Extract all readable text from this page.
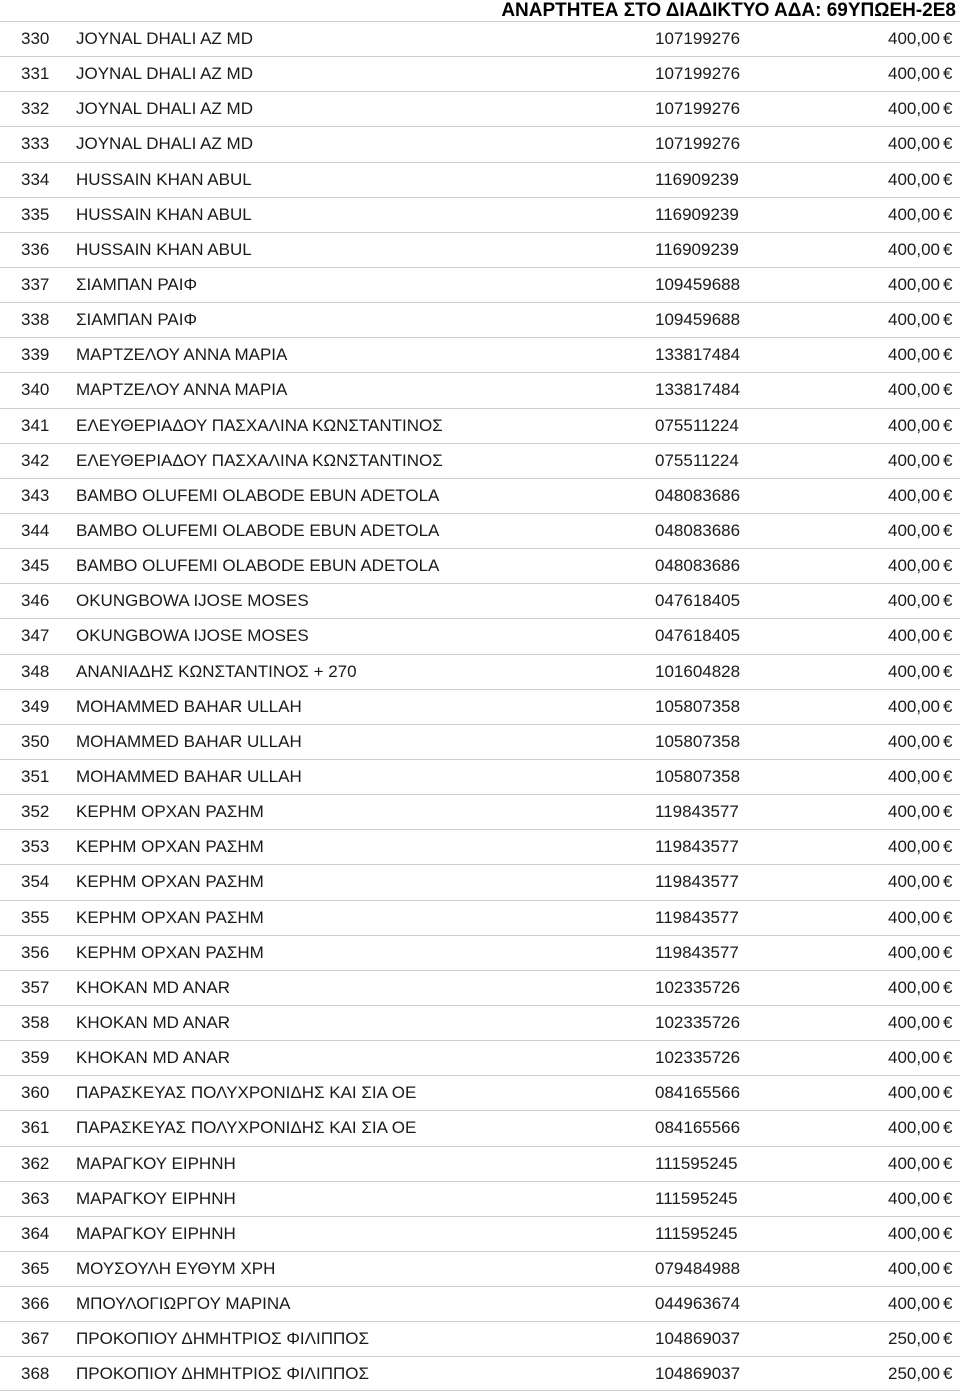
ΑΝΑΡΤΗΤΕΑ ΣΤΟ ΔΙΑΔΙΚΤΥΟ ΑΔΑ: 69ΥΠΩΕΗ-2Ε8
330	JOYNAL DHALI AZ MD	107199276	400,00 €
331	JOYNAL DHALI AZ MD	107199276	400,00 €
332	JOYNAL DHALI AZ MD	107199276	400,00 €
333	JOYNAL DHALI AZ MD	107199276	400,00 €
334	HUSSAIN KHAN ABUL	116909239	400,00 €
335	HUSSAIN KHAN ABUL	116909239	400,00 €
336	HUSSAIN KHAN ABUL	116909239	400,00 €
337	ΣΙΑΜΠΑΝ ΡΑΙΦ	109459688	400,00 €
338	ΣΙΑΜΠΑΝ ΡΑΙΦ	109459688	400,00 €
339	ΜΑΡΤΖΕΛΟΥ ΑΝΝΑ ΜΑΡΙΑ	133817484	400,00 €
340	ΜΑΡΤΖΕΛΟΥ ΑΝΝΑ ΜΑΡΙΑ	133817484	400,00 €
341	ΕΛΕΥΘΕΡΙΑΔΟΥ ΠΑΣΧΑΛΙΝΑ ΚΩΝΣΤΑΝΤΙΝΟΣ	075511224	400,00 €
342	ΕΛΕΥΘΕΡΙΑΔΟΥ ΠΑΣΧΑΛΙΝΑ ΚΩΝΣΤΑΝΤΙΝΟΣ	075511224	400,00 €
343	BAMBO OLUFEMI OLABODE EBUN ADETOLA	048083686	400,00 €
344	BAMBO OLUFEMI OLABODE EBUN ADETOLA	048083686	400,00 €
345	BAMBO OLUFEMI OLABODE EBUN ADETOLA	048083686	400,00 €
346	OKUNGBOWA IJOSE MOSES	047618405	400,00 €
347	OKUNGBOWA IJOSE MOSES	047618405	400,00 €
348	ΑΝΑΝΙΑΔΗΣ ΚΩΝΣΤΑΝΤΙΝΟΣ + 270	101604828	400,00 €
349	MOHAMMED BAHAR ULLAH	105807358	400,00 €
350	MOHAMMED BAHAR ULLAH	105807358	400,00 €
351	MOHAMMED BAHAR ULLAH	105807358	400,00 €
352	ΚΕΡΗΜ ΟΡΧΑΝ ΡΑΣΗΜ	119843577	400,00 €
353	ΚΕΡΗΜ ΟΡΧΑΝ ΡΑΣΗΜ	119843577	400,00 €
354	ΚΕΡΗΜ ΟΡΧΑΝ ΡΑΣΗΜ	119843577	400,00 €
355	ΚΕΡΗΜ ΟΡΧΑΝ ΡΑΣΗΜ	119843577	400,00 €
356	ΚΕΡΗΜ ΟΡΧΑΝ ΡΑΣΗΜ	119843577	400,00 €
357	KHOKAN MD ANAR	102335726	400,00 €
358	KHOKAN MD ANAR	102335726	400,00 €
359	KHOKAN MD ANAR	102335726	400,00 €
360	ΠΑΡΑΣΚΕΥΑΣ ΠΟΛΥΧΡΟΝΙΔΗΣ ΚΑΙ ΣΙΑ ΟΕ	084165566	400,00 €
361	ΠΑΡΑΣΚΕΥΑΣ ΠΟΛΥΧΡΟΝΙΔΗΣ ΚΑΙ ΣΙΑ ΟΕ	084165566	400,00 €
362	ΜΑΡΑΓΚΟΥ ΕΙΡΗΝΗ	111595245	400,00 €
363	ΜΑΡΑΓΚΟΥ ΕΙΡΗΝΗ	111595245	400,00 €
364	ΜΑΡΑΓΚΟΥ ΕΙΡΗΝΗ	111595245	400,00 €
365	ΜΟΥΣΟΥΛΗ ΕΥΘΥΜ ΧΡΗ	079484988	400,00 €
366	ΜΠΟΥΛΟΓΙΩΡΓΟΥ ΜΑΡΙΝΑ	044963674	400,00 €
367	ΠΡΟΚΟΠΙΟΥ ΔΗΜΗΤΡΙΟΣ ΦΙΛΙΠΠΟΣ	104869037	250,00 €
368	ΠΡΟΚΟΠΙΟΥ ΔΗΜΗΤΡΙΟΣ ΦΙΛΙΠΠΟΣ	104869037	250,00 €
